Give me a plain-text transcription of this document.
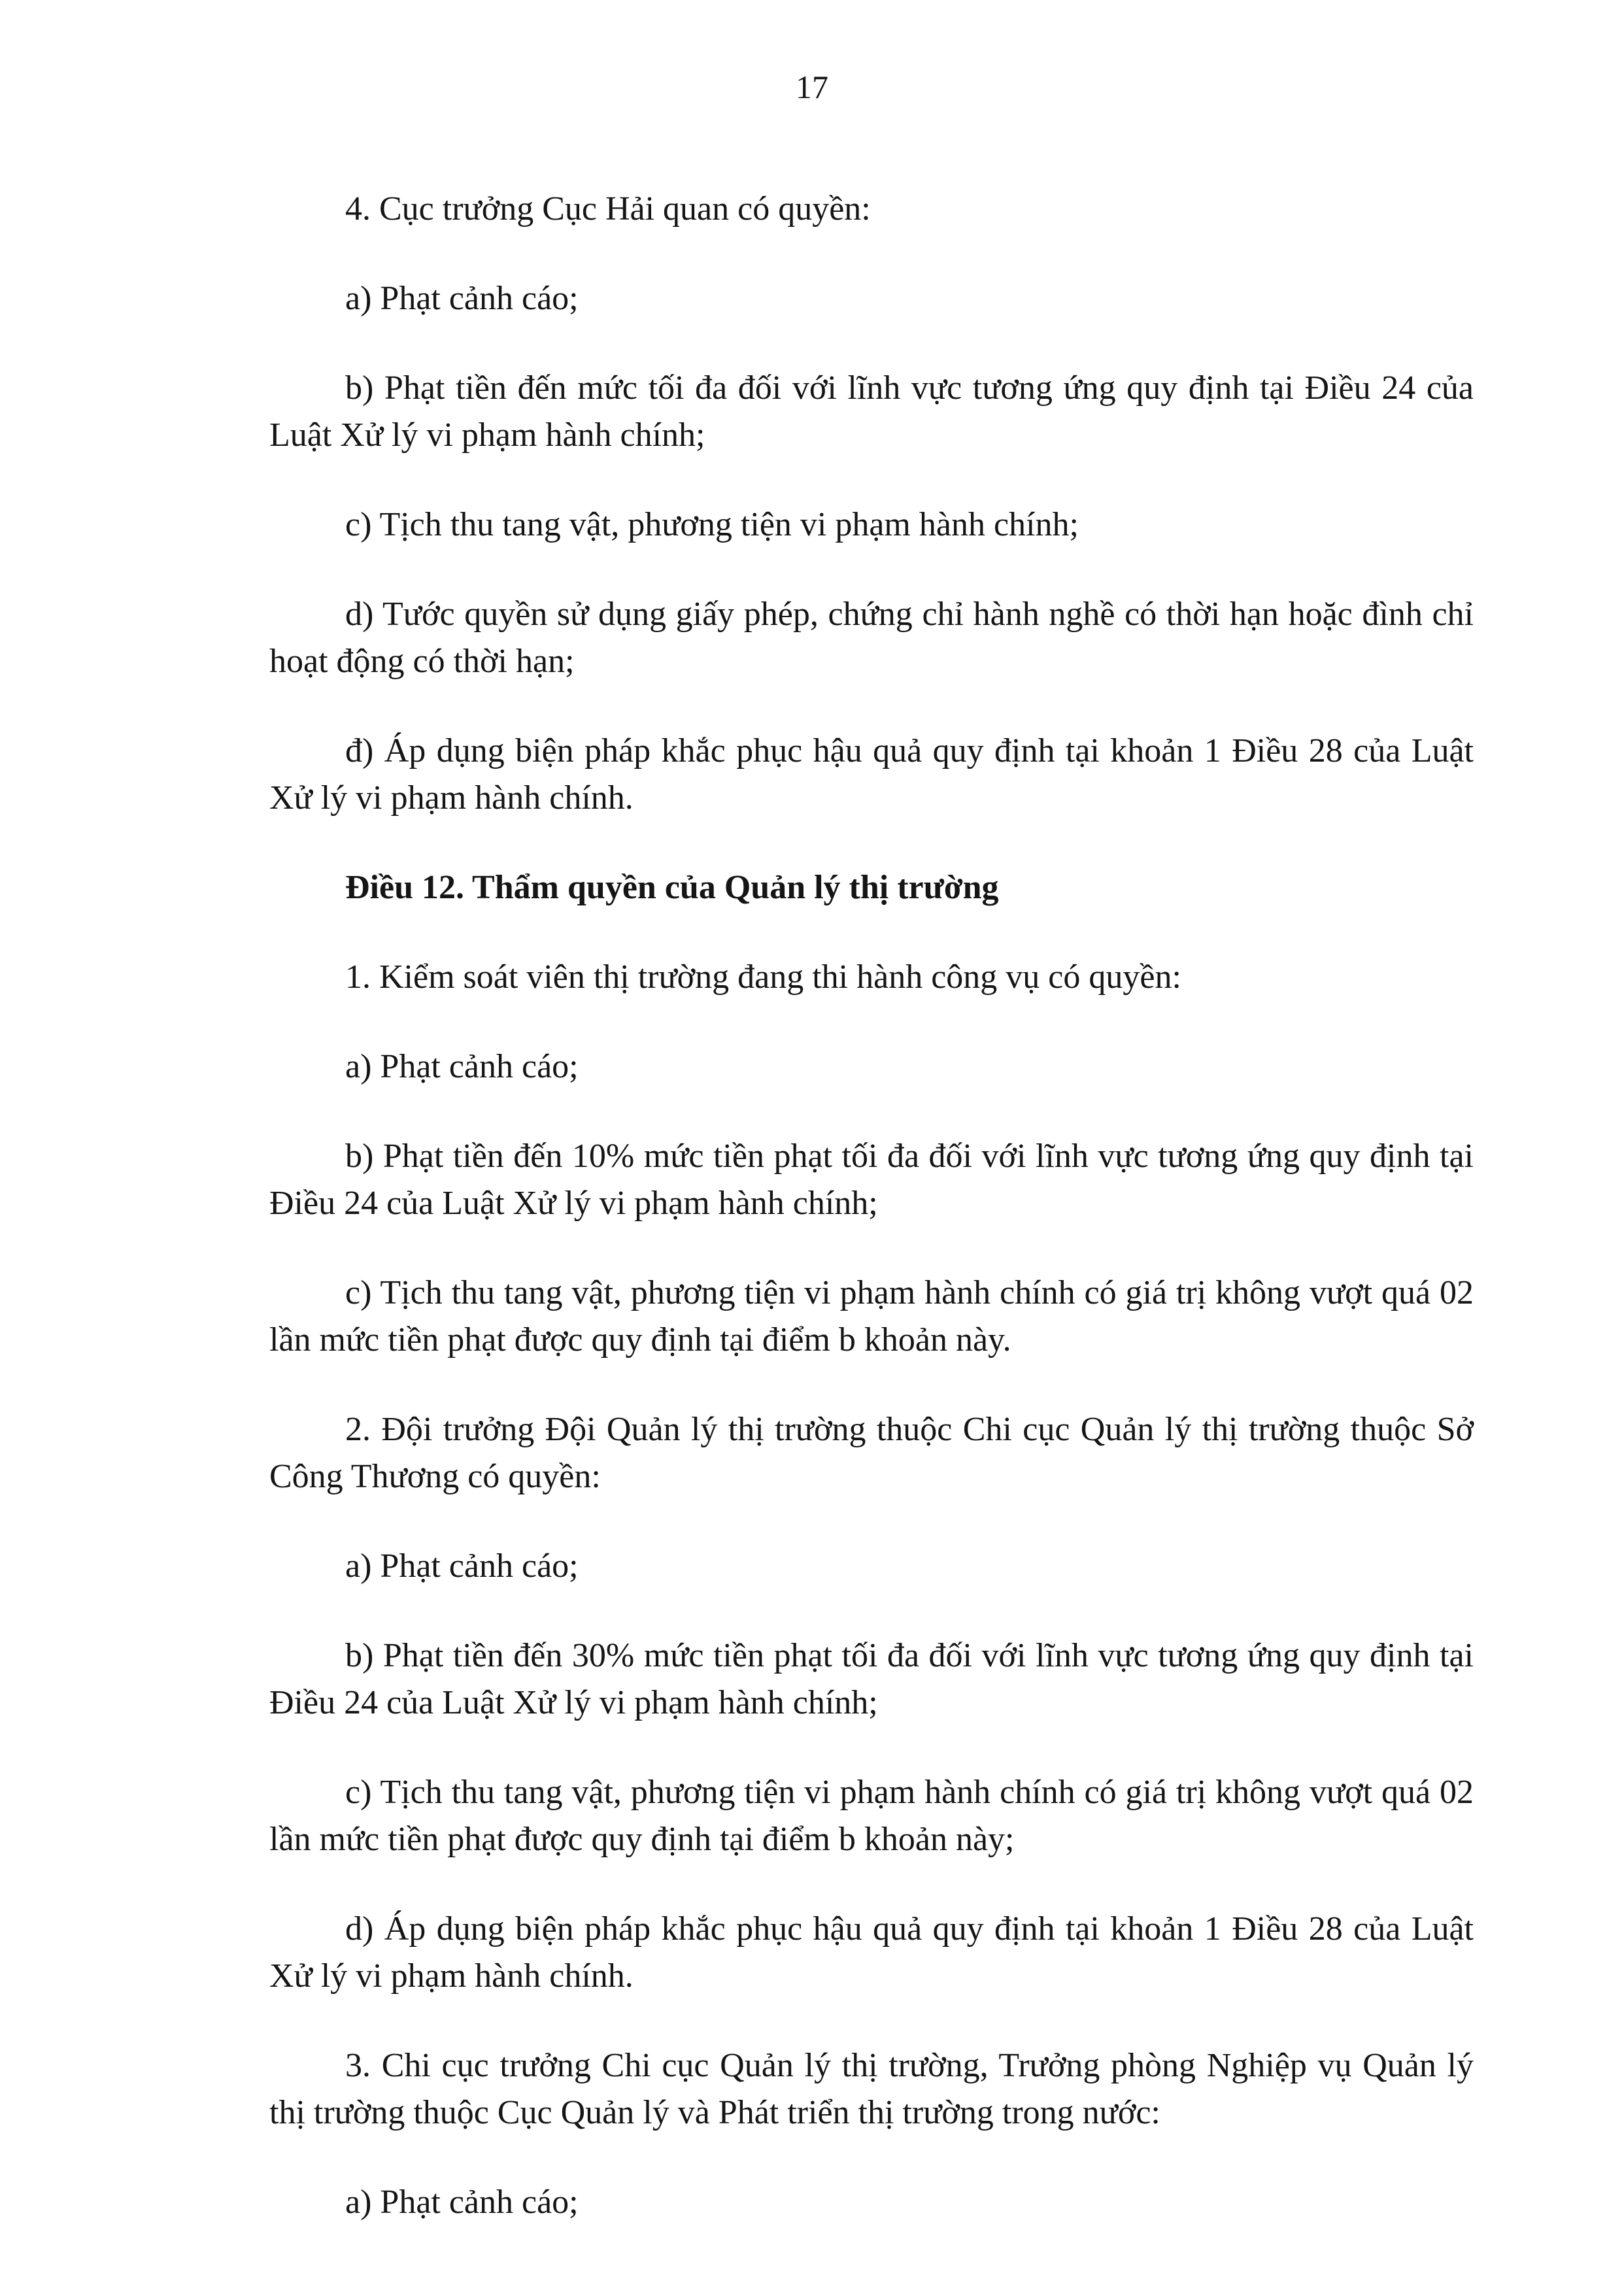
17

4. Cục trưởng Cục Hải quan có quyền:

a) Phạt cảnh cáo;

b) Phạt tiền đến mức tối đa đối với lĩnh vực tương ứng quy định tại Điều 24 của Luật Xử lý vi phạm hành chính;

c) Tịch thu tang vật, phương tiện vi phạm hành chính;

d) Tước quyền sử dụng giấy phép, chứng chỉ hành nghề có thời hạn hoặc đình chỉ hoạt động có thời hạn;

đ) Áp dụng biện pháp khắc phục hậu quả quy định tại khoản 1 Điều 28 của Luật Xử lý vi phạm hành chính.

Điều 12. Thẩm quyền của Quản lý thị trường

1. Kiểm soát viên thị trường đang thi hành công vụ có quyền:

a) Phạt cảnh cáo;

b) Phạt tiền đến 10% mức tiền phạt tối đa đối với lĩnh vực tương ứng quy định tại Điều 24 của Luật Xử lý vi phạm hành chính;

c) Tịch thu tang vật, phương tiện vi phạm hành chính có giá trị không vượt quá 02 lần mức tiền phạt được quy định tại điểm b khoản này.

2. Đội trưởng Đội Quản lý thị trường thuộc Chi cục Quản lý thị trường thuộc Sở Công Thương có quyền:

a) Phạt cảnh cáo;

b) Phạt tiền đến 30% mức tiền phạt tối đa đối với lĩnh vực tương ứng quy định tại Điều 24 của Luật Xử lý vi phạm hành chính;

c) Tịch thu tang vật, phương tiện vi phạm hành chính có giá trị không vượt quá 02 lần mức tiền phạt được quy định tại điểm b khoản này;

d) Áp dụng biện pháp khắc phục hậu quả quy định tại khoản 1 Điều 28 của Luật Xử lý vi phạm hành chính.

3. Chi cục trưởng Chi cục Quản lý thị trường, Trưởng phòng Nghiệp vụ Quản lý thị trường thuộc Cục Quản lý và Phát triển thị trường trong nước:

a) Phạt cảnh cáo;
